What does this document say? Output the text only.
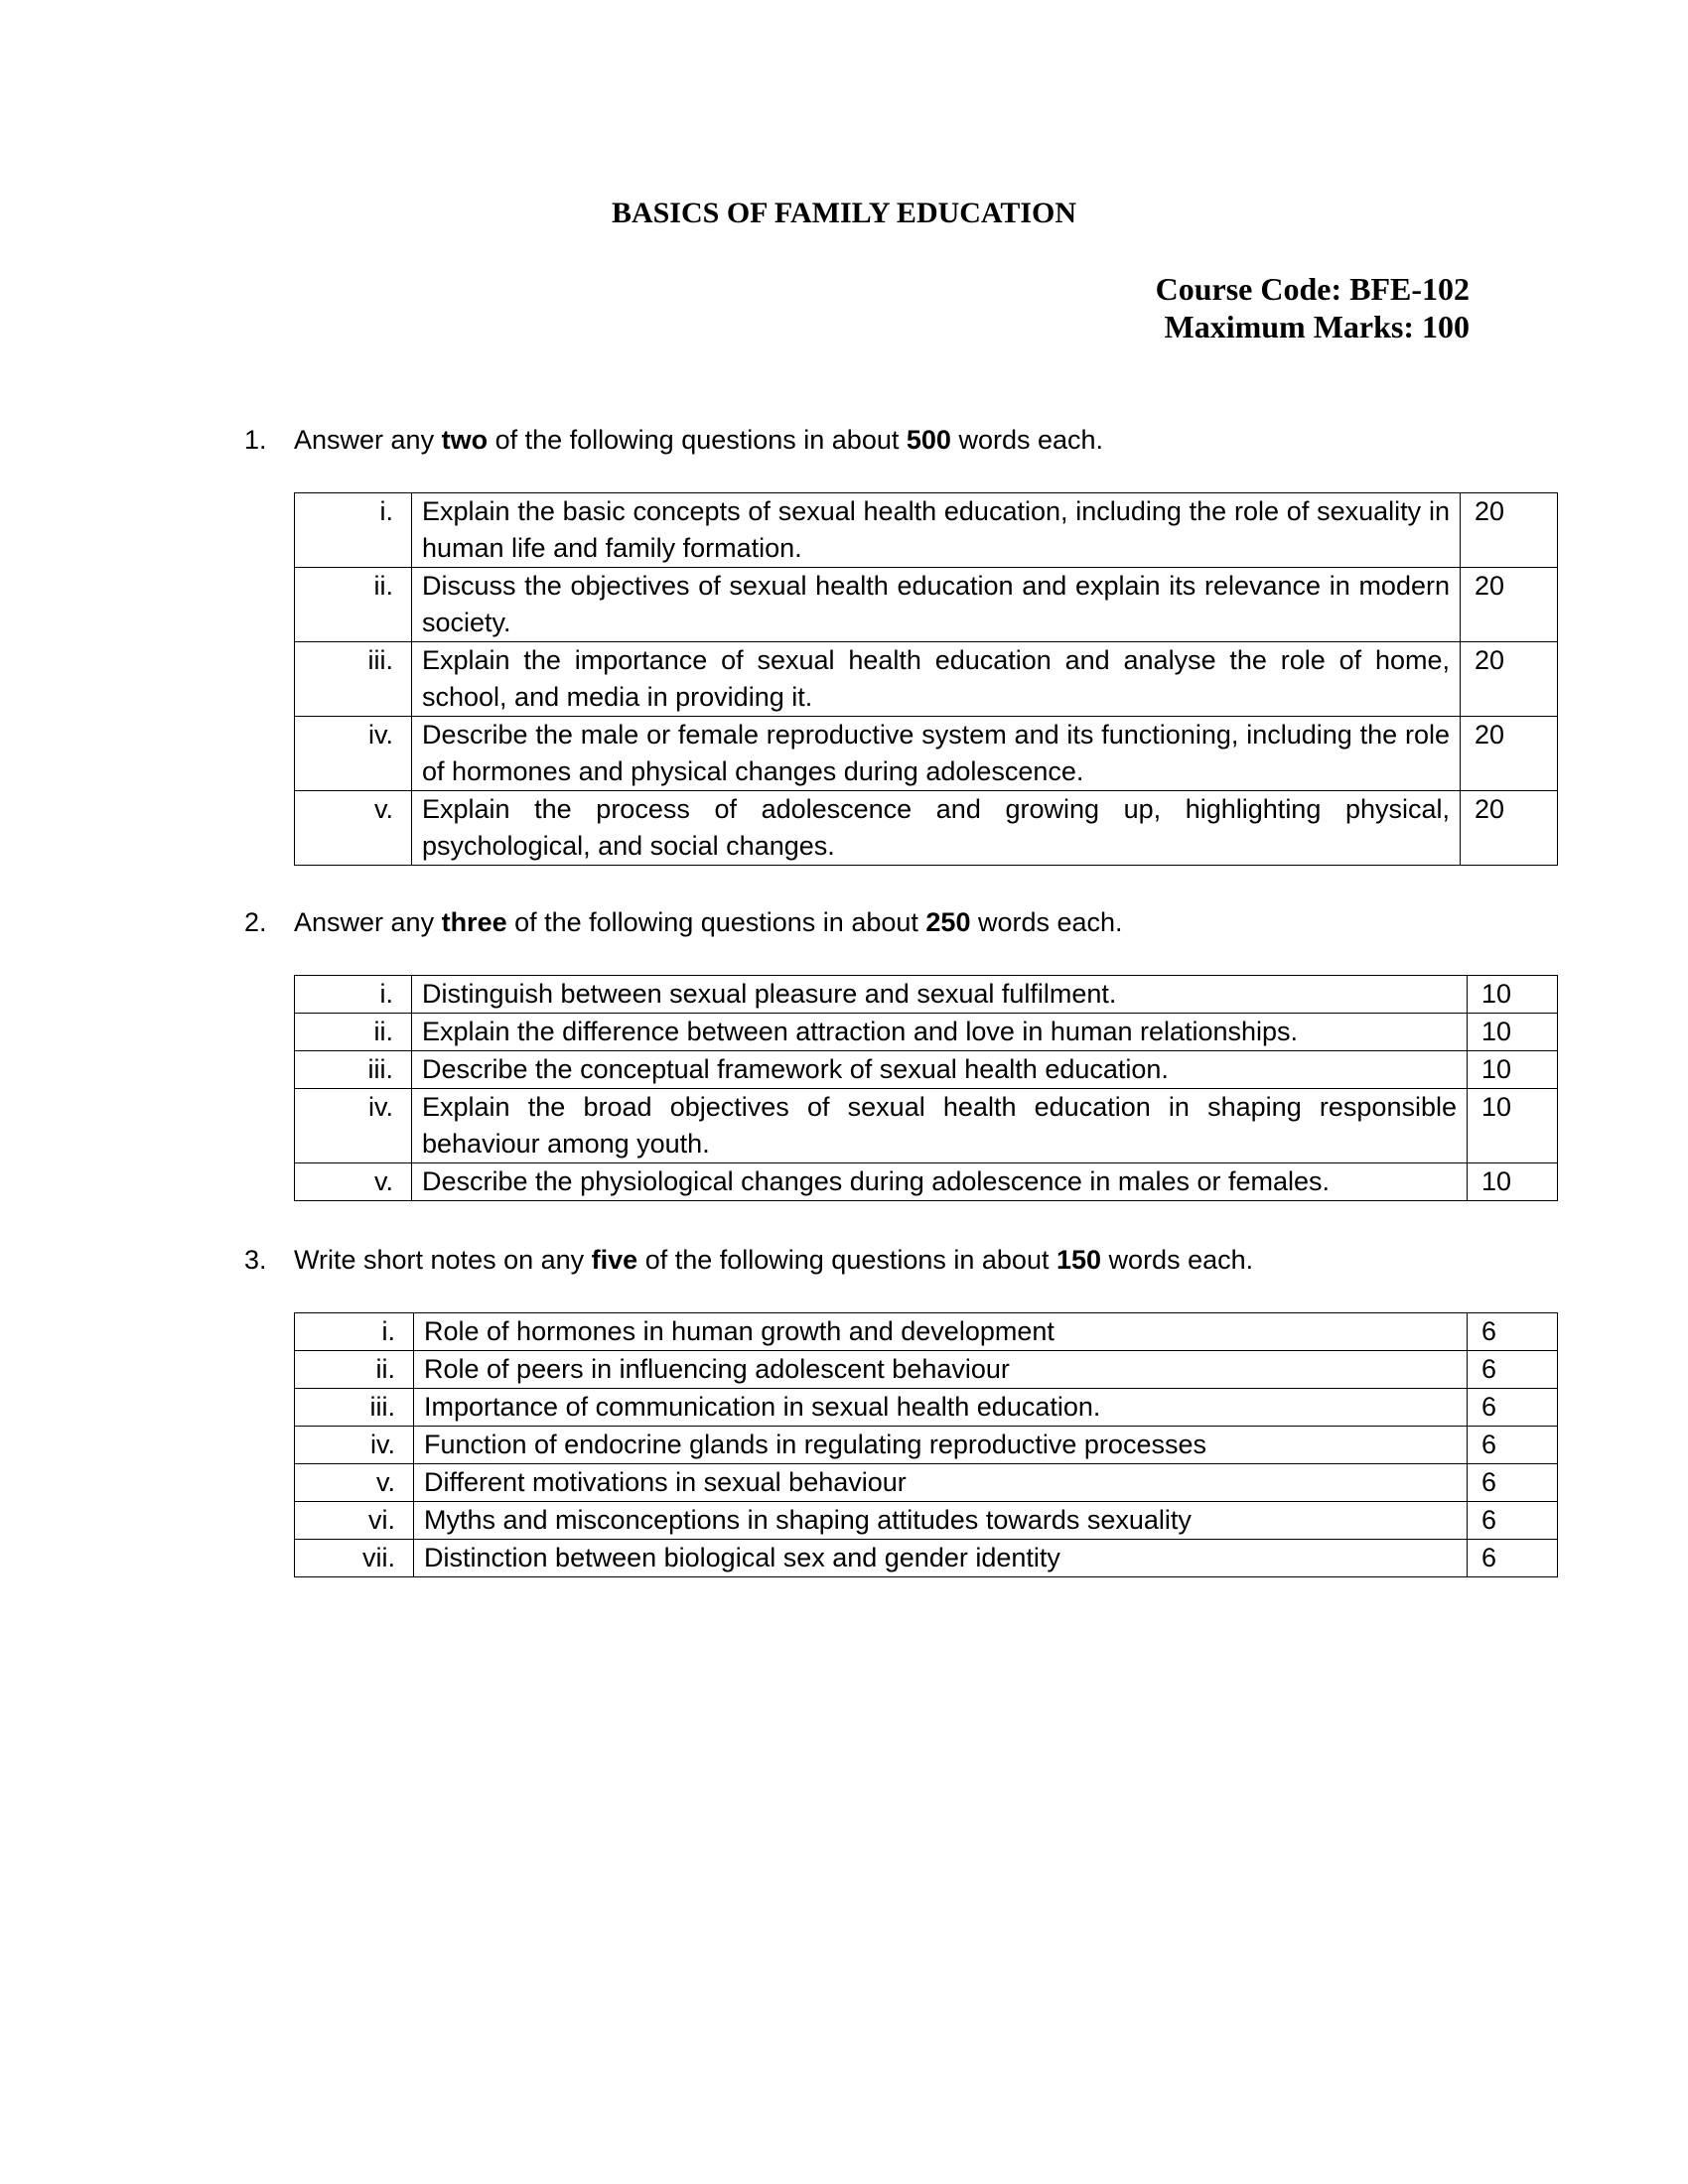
BASICS OF FAMILY EDUCATION
Course Code: BFE-102
Maximum Marks: 100
1. Answer any two of the following questions in about 500 words each.
i.	Explain the basic concepts of sexual health education, including the role of sexuality in human life and family formation.	20
ii.	Discuss the objectives of sexual health education and explain its relevance in modern society.	20
iii.	Explain the importance of sexual health education and analyse the role of home, school, and media in providing it.	20
iv.	Describe the male or female reproductive system and its functioning, including the role of hormones and physical changes during adolescence.	20
v.	Explain the process of adolescence and growing up, highlighting physical, psychological, and social changes.	20
2. Answer any three of the following questions in about 250 words each.
i.	Distinguish between sexual pleasure and sexual fulfilment.	10
ii.	Explain the difference between attraction and love in human relationships.	10
iii.	Describe the conceptual framework of sexual health education.	10
iv.	Explain the broad objectives of sexual health education in shaping responsible behaviour among youth.	10
v.	Describe the physiological changes during adolescence in males or females.	10
3. Write short notes on any five of the following questions in about 150 words each.
i.	Role of hormones in human growth and development	6
ii.	Role of peers in influencing adolescent behaviour	6
iii.	Importance of communication in sexual health education.	6
iv.	Function of endocrine glands in regulating reproductive processes	6
v.	Different motivations in sexual behaviour	6
vi.	Myths and misconceptions in shaping attitudes towards sexuality	6
vii.	Distinction between biological sex and gender identity	6
